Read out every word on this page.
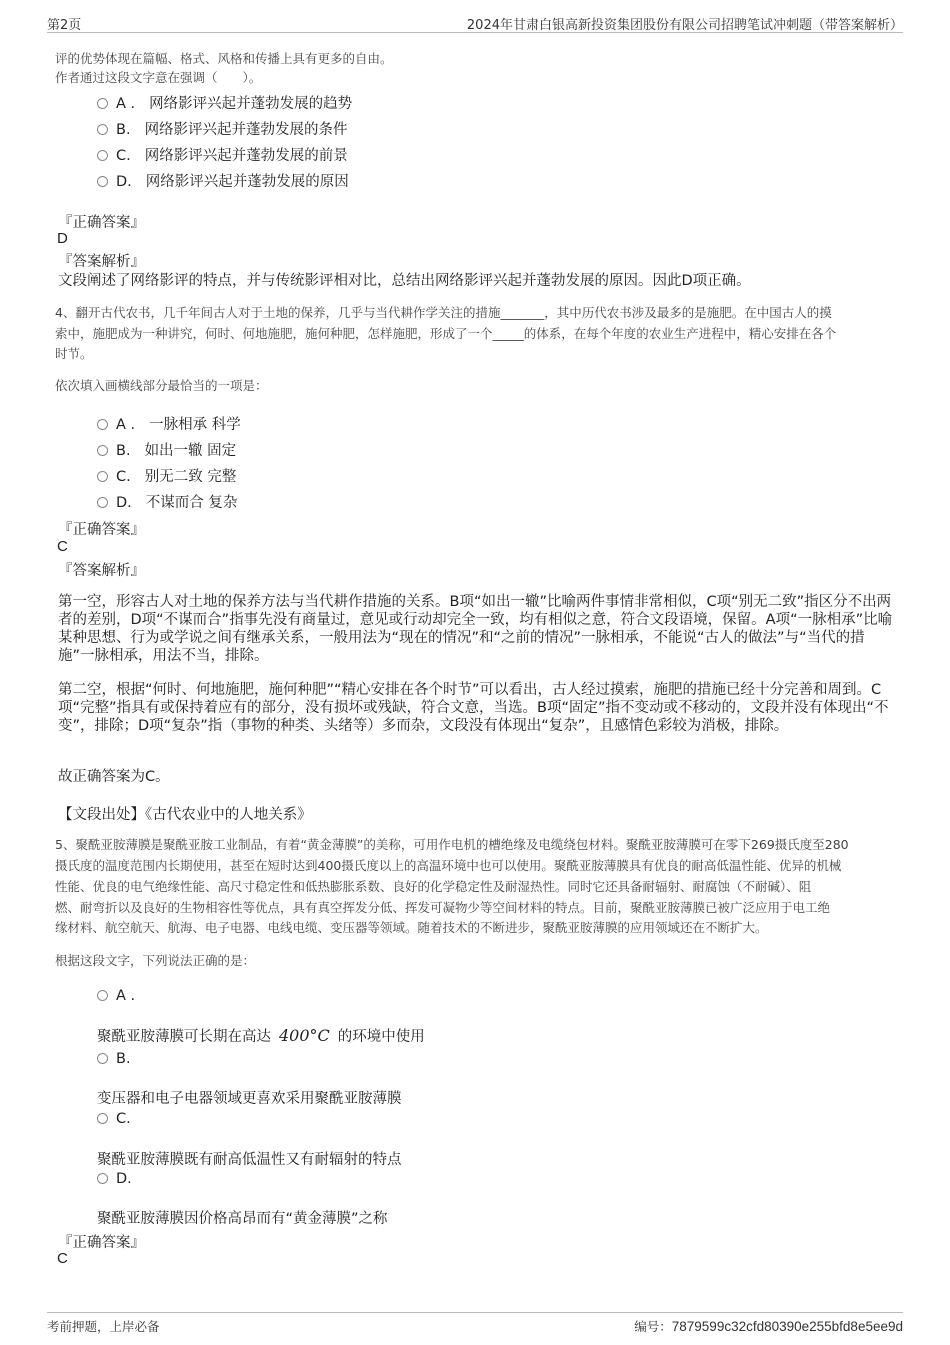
第2页	2024年甘肃白银高新投资集团股份有限公司招聘笔试冲刺题（带答案解析）
评的优势体现在篇幅、格式、风格和传播上具有更多的自由。
作者通过这段文字意在强调（　　）。
A . 网络影评兴起并蓬勃发展的趋势
B. 网络影评兴起并蓬勃发展的条件
C. 网络影评兴起并蓬勃发展的前景
D. 网络影评兴起并蓬勃发展的原因
『正确答案』
D
『答案解析』
文段阐述了网络影评的特点，并与传统影评相对比，总结出网络影评兴起并蓬勃发展的原因。因此D项正确。
4、翻开古代农书，几千年间古人对于土地的保养，几乎与当代耕作学关注的措施_______，其中历代农书涉及最多的是施肥。在中国古人的摸
索中，施肥成为一种讲究，何时、何地施肥，施何种肥，怎样施肥，形成了一个_____的体系，在每个年度的农业生产进程中，精心安排在各个
时节。
依次填入画横线部分最恰当的一项是：
A . 一脉相承 科学
B. 如出一辙 固定
C. 别无二致 完整
D. 不谋而合 复杂
『正确答案』
C
『答案解析』
第一空，形容古人对土地的保养方法与当代耕作措施的关系。B项“如出一辙”比喻两件事情非常相似，C项“别无二致”指区分不出两者的差别，D项“不谋而合”指事先没有商量过，意见或行动却完全一致，均有相似之意，符合文段语境，保留。A项“一脉相承”比喻某种思想、行为或学说之间有继承关系，一般用法为“现在的情况”和“之前的情况”一脉相承，不能说“古人的做法”与“当代的措施”一脉相承，用法不当，排除。
第二空，根据“何时、何地施肥，施何种肥”“精心安排在各个时节”可以看出，古人经过摸索，施肥的措施已经十分完善和周到。C项“完整”指具有或保持着应有的部分，没有损坏或残缺，符合文意，当选。B项“固定”指不变动或不移动的，文段并没有体现出“不变”，排除；D项“复杂”指（事物的种类、头绪等）多而杂，文段没有体现出“复杂”，且感情色彩较为消极，排除。
故正确答案为C。
【文段出处】《古代农业中的人地关系》
5、聚酰亚胺薄膜是聚酰亚胺工业制品，有着“黄金薄膜”的美称，可用作电机的槽绝缘及电缆绕包材料。聚酰亚胺薄膜可在零下269摄氏度至280
摄氏度的温度范围内长期使用，甚至在短时达到400摄氏度以上的高温环境中也可以使用。聚酰亚胺薄膜具有优良的耐高低温性能、优异的机械
性能、优良的电气绝缘性能、高尺寸稳定性和低热膨胀系数、良好的化学稳定性及耐湿热性。同时它还具备耐辐射、耐腐蚀（不耐碱）、阻
燃、耐弯折以及良好的生物相容性等优点，具有真空挥发分低、挥发可凝物少等空间材料的特点。目前，聚酰亚胺薄膜已被广泛应用于电工绝
缘材料、航空航天、航海、电子电器、电线电缆、变压器等领域。随着技术的不断进步，聚酰亚胺薄膜的应用领域还在不断扩大。
根据这段文字，下列说法正确的是：
A .
聚酰亚胺薄膜可长期在高达 400°C 的环境中使用
B.
变压器和电子电器领域更喜欢采用聚酰亚胺薄膜
C.
聚酰亚胺薄膜既有耐高低温性又有耐辐射的特点
D.
聚酰亚胺薄膜因价格高昂而有“黄金薄膜”之称
『正确答案』
C
考前押题，上岸必备	编号：7879599c32cfd80390e255bfd8e5ee9d
